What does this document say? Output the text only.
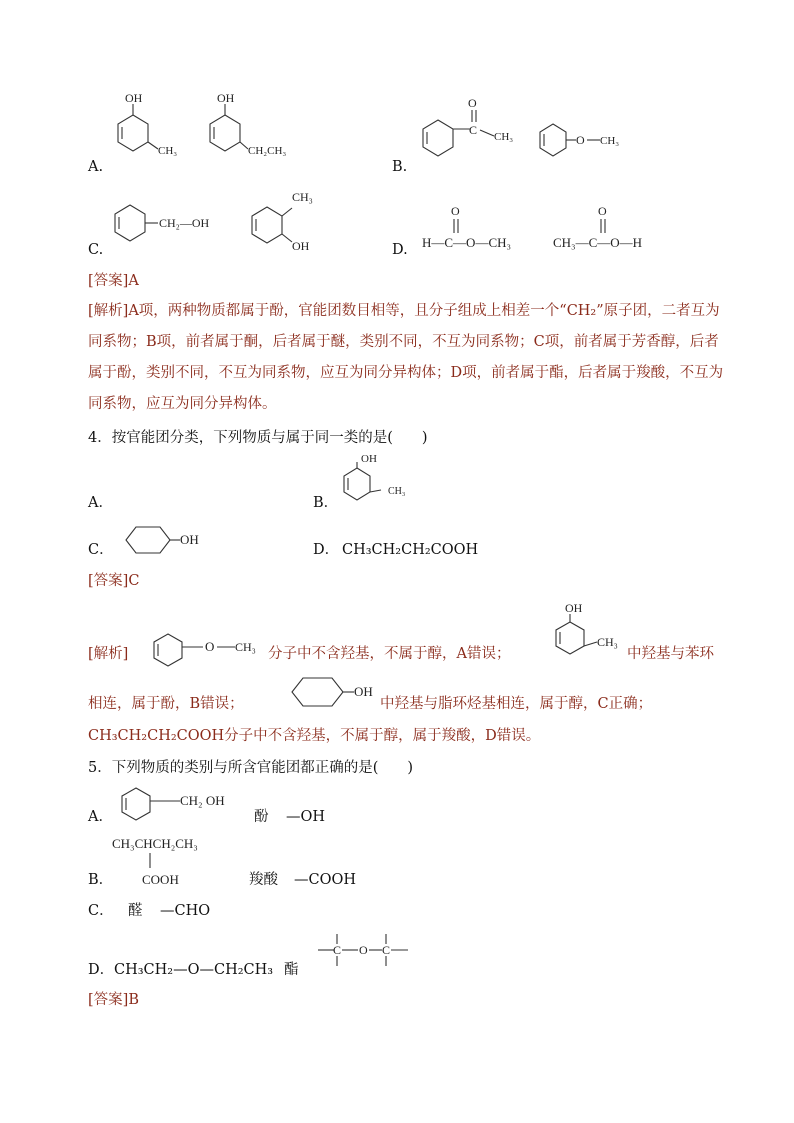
A.
OH
CH₃
OH
CH₂CH₃
B.
C
O
CH₃	O CH₃
C.
CH₂—OH
CH₃
OH	D. H—C—O—CH₃
O
CH₃—C—O—H
O
[答案]A
[解析]A项，两种物质都属于酚，官能团数目相等，且分子组成上相差一个“CH₂”原子团，二者互为同系物；B项，前者属于酮，后者属于醚，类别不同，不互为同系物；C项，前者属于芳香醇，后者属于酚，类别不同，不互为同系物，应互为同分异构体；D项，前者属于酯，后者属于羧酸，不互为同系物，应互为同分异构体。
4．按官能团分类，下列物质与属于同一类的是(　　)
A．	B．
OH
CH₃
C．
OH
D． CH₃CH₂CH₂COOH
[答案]C
[解析]	O CH₃ 分子中不含羟基，不属于醇，A错误；
OH
CH₃
中羟基与苯环
相连，属于酚，B错误；
OH
中羟基与脂环烃基相连，属于醇，C正确；
CH₃CH₂CH₂COOH分子中不含羟基，不属于醇，属于羧酸，D错误。
5．下列物质的类别与所含官能团都正确的是(　　)
A．
CH₂ OH
酚 —OH
CH₃CHCH₂CH₃
COOH
B．	羧酸 —COOH
C． 醛 —CHO
D． CH₃CH₂—O—CH₂CH₃ 酯
C O C
[答案]B
